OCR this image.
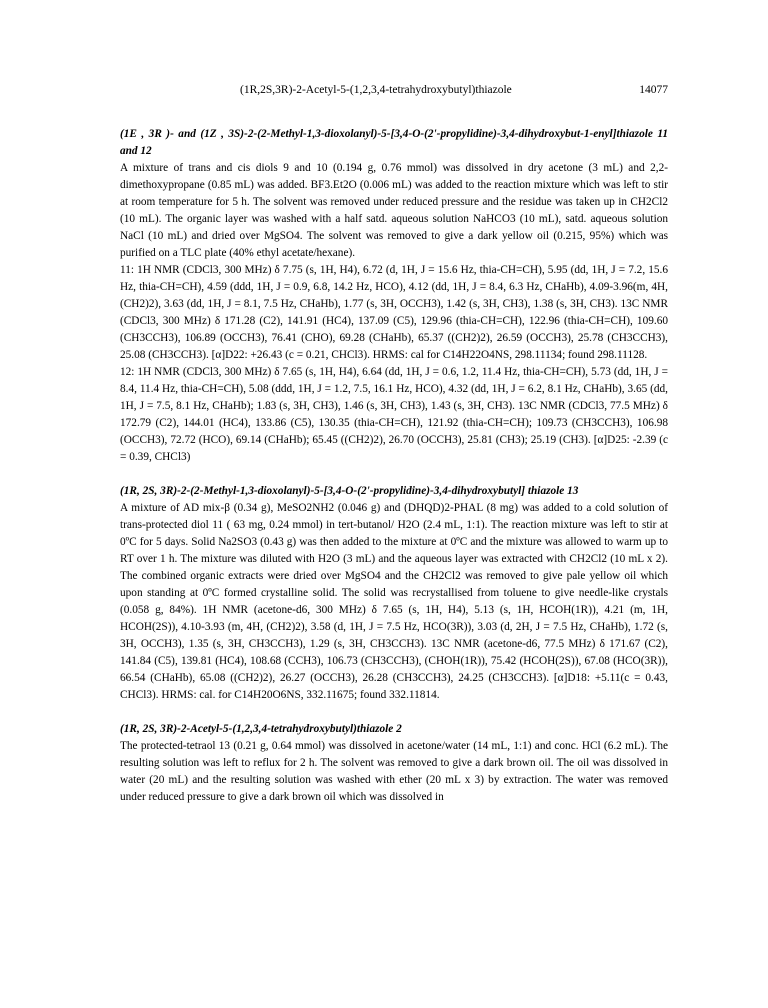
(1R,2S,3R)-2-Acetyl-5-(1,2,3,4-tetrahydroxybutyl)thiazole	14077

(1E , 3R )- and (1Z , 3S)-2-(2-Methyl-1,3-dioxolanyl)-5-[3,4-O-(2'-propylidine)-3,4-dihydroxybut-1-enyl]thiazole 11 and 12

A mixture of trans and cis diols 9 and 10 (0.194 g, 0.76 mmol) was dissolved in dry acetone (3 mL) and 2,2-dimethoxypropane (0.85 mL) was added. BF3.Et2O (0.006 mL) was added to the reaction mixture which was left to stir at room temperature for 5 h. The solvent was removed under reduced pressure and the residue was taken up in CH2Cl2 (10 mL). The organic layer was washed with a half satd. aqueous solution NaHCO3 (10 mL), satd. aqueous solution NaCl (10 mL) and dried over MgSO4. The solvent was removed to give a dark yellow oil (0.215, 95%) which was purified on a TLC plate (40% ethyl acetate/hexane).

11: 1H NMR (CDCl3, 300 MHz) δ 7.75 (s, 1H, H4), 6.72 (d, 1H, J = 15.6 Hz, thia-CH=CH), 5.95 (dd, 1H, J = 7.2, 15.6 Hz, thia-CH=CH), 4.59 (ddd, 1H, J = 0.9, 6.8, 14.2 Hz, HCO), 4.12 (dd, 1H, J = 8.4, 6.3 Hz, CHaHb), 4.09-3.96(m, 4H, (CH2)2), 3.63 (dd, 1H, J = 8.1, 7.5 Hz, CHaHb), 1.77 (s, 3H, OCCH3), 1.42 (s, 3H, CH3), 1.38 (s, 3H, CH3). 13C NMR (CDCl3, 300 MHz) δ 171.28 (C2), 141.91 (HC4), 137.09 (C5), 129.96 (thia-CH=CH), 122.96 (thia-CH=CH), 109.60 (CH3CCH3), 106.89 (OCCH3), 76.41 (CHO), 69.28 (CHaHb), 65.37 ((CH2)2), 26.59 (OCCH3), 25.78 (CH3CCH3), 25.08 (CH3CCH3). [α]D22: +26.43 (c = 0.21, CHCl3). HRMS: cal for C14H22O4NS, 298.11134; found 298.11128.

12: 1H NMR (CDCl3, 300 MHz) δ 7.65 (s, 1H, H4), 6.64 (dd, 1H, J = 0.6, 1.2, 11.4 Hz, thia-CH=CH), 5.73 (dd, 1H, J = 8.4, 11.4 Hz, thia-CH=CH), 5.08 (ddd, 1H, J = 1.2, 7.5, 16.1 Hz, HCO), 4.32 (dd, 1H, J = 6.2, 8.1 Hz, CHaHb), 3.65 (dd, 1H, J = 7.5, 8.1 Hz, CHaHb); 1.83 (s, 3H, CH3), 1.46 (s, 3H, CH3), 1.43 (s, 3H, CH3). 13C NMR (CDCl3, 77.5 MHz) δ 172.79 (C2), 144.01 (HC4), 133.86 (C5), 130.35 (thia-CH=CH), 121.92 (thia-CH=CH); 109.73 (CH3CCH3), 106.98 (OCCH3), 72.72 (HCO), 69.14 (CHaHb); 65.45 ((CH2)2), 26.70 (OCCH3), 25.81 (CH3); 25.19 (CH3). [α]D25: -2.39 (c = 0.39, CHCl3)

(1R, 2S, 3R)-2-(2-Methyl-1,3-dioxolanyl)-5-[3,4-O-(2'-propylidine)-3,4-dihydroxybutyl] thiazole 13

A mixture of AD mix-β (0.34 g), MeSO2NH2 (0.046 g) and (DHQD)2-PHAL (8 mg) was added to a cold solution of trans-protected diol 11 ( 63 mg, 0.24 mmol) in tert-butanol/ H2O (2.4 mL, 1:1). The reaction mixture was left to stir at 0ºC for 5 days. Solid Na2SO3 (0.43 g) was then added to the mixture at 0ºC and the mixture was allowed to warm up to RT over 1 h. The mixture was diluted with H2O (3 mL) and the aqueous layer was extracted with CH2Cl2 (10 mL x 2). The combined organic extracts were dried over MgSO4 and the CH2Cl2 was removed to give pale yellow oil which upon standing at 0ºC formed crystalline solid. The solid was recrystallised from toluene to give needle-like crystals (0.058 g, 84%). 1H NMR (acetone-d6, 300 MHz) δ 7.65 (s, 1H, H4), 5.13 (s, 1H, HCOH(1R)), 4.21 (m, 1H, HCOH(2S)), 4.10-3.93 (m, 4H, (CH2)2), 3.58 (d, 1H, J = 7.5 Hz, HCO(3R)), 3.03 (d, 2H, J = 7.5 Hz, CHaHb), 1.72 (s, 3H, OCCH3), 1.35 (s, 3H, CH3CCH3), 1.29 (s, 3H, CH3CCH3). 13C NMR (acetone-d6, 77.5 MHz) δ 171.67 (C2), 141.84 (C5), 139.81 (HC4), 108.68 (CCH3), 106.73 (CH3CCH3), (CHOH(1R)), 75.42 (HCOH(2S)), 67.08 (HCO(3R)), 66.54 (CHaHb), 65.08 ((CH2)2), 26.27 (OCCH3), 26.28 (CH3CCH3), 24.25 (CH3CCH3). [α]D18: +5.11(c = 0.43, CHCl3). HRMS: cal. for C14H20O6NS, 332.11675; found 332.11814.

(1R, 2S, 3R)-2-Acetyl-5-(1,2,3,4-tetrahydroxybutyl)thiazole 2

The protected-tetraol 13 (0.21 g, 0.64 mmol) was dissolved in acetone/water (14 mL, 1:1) and conc. HCl (6.2 mL). The resulting solution was left to reflux for 2 h. The solvent was removed to give a dark brown oil. The oil was dissolved in water (20 mL) and the resulting solution was washed with ether (20 mL x 3) by extraction. The water was removed under reduced pressure to give a dark brown oil which was dissolved in
